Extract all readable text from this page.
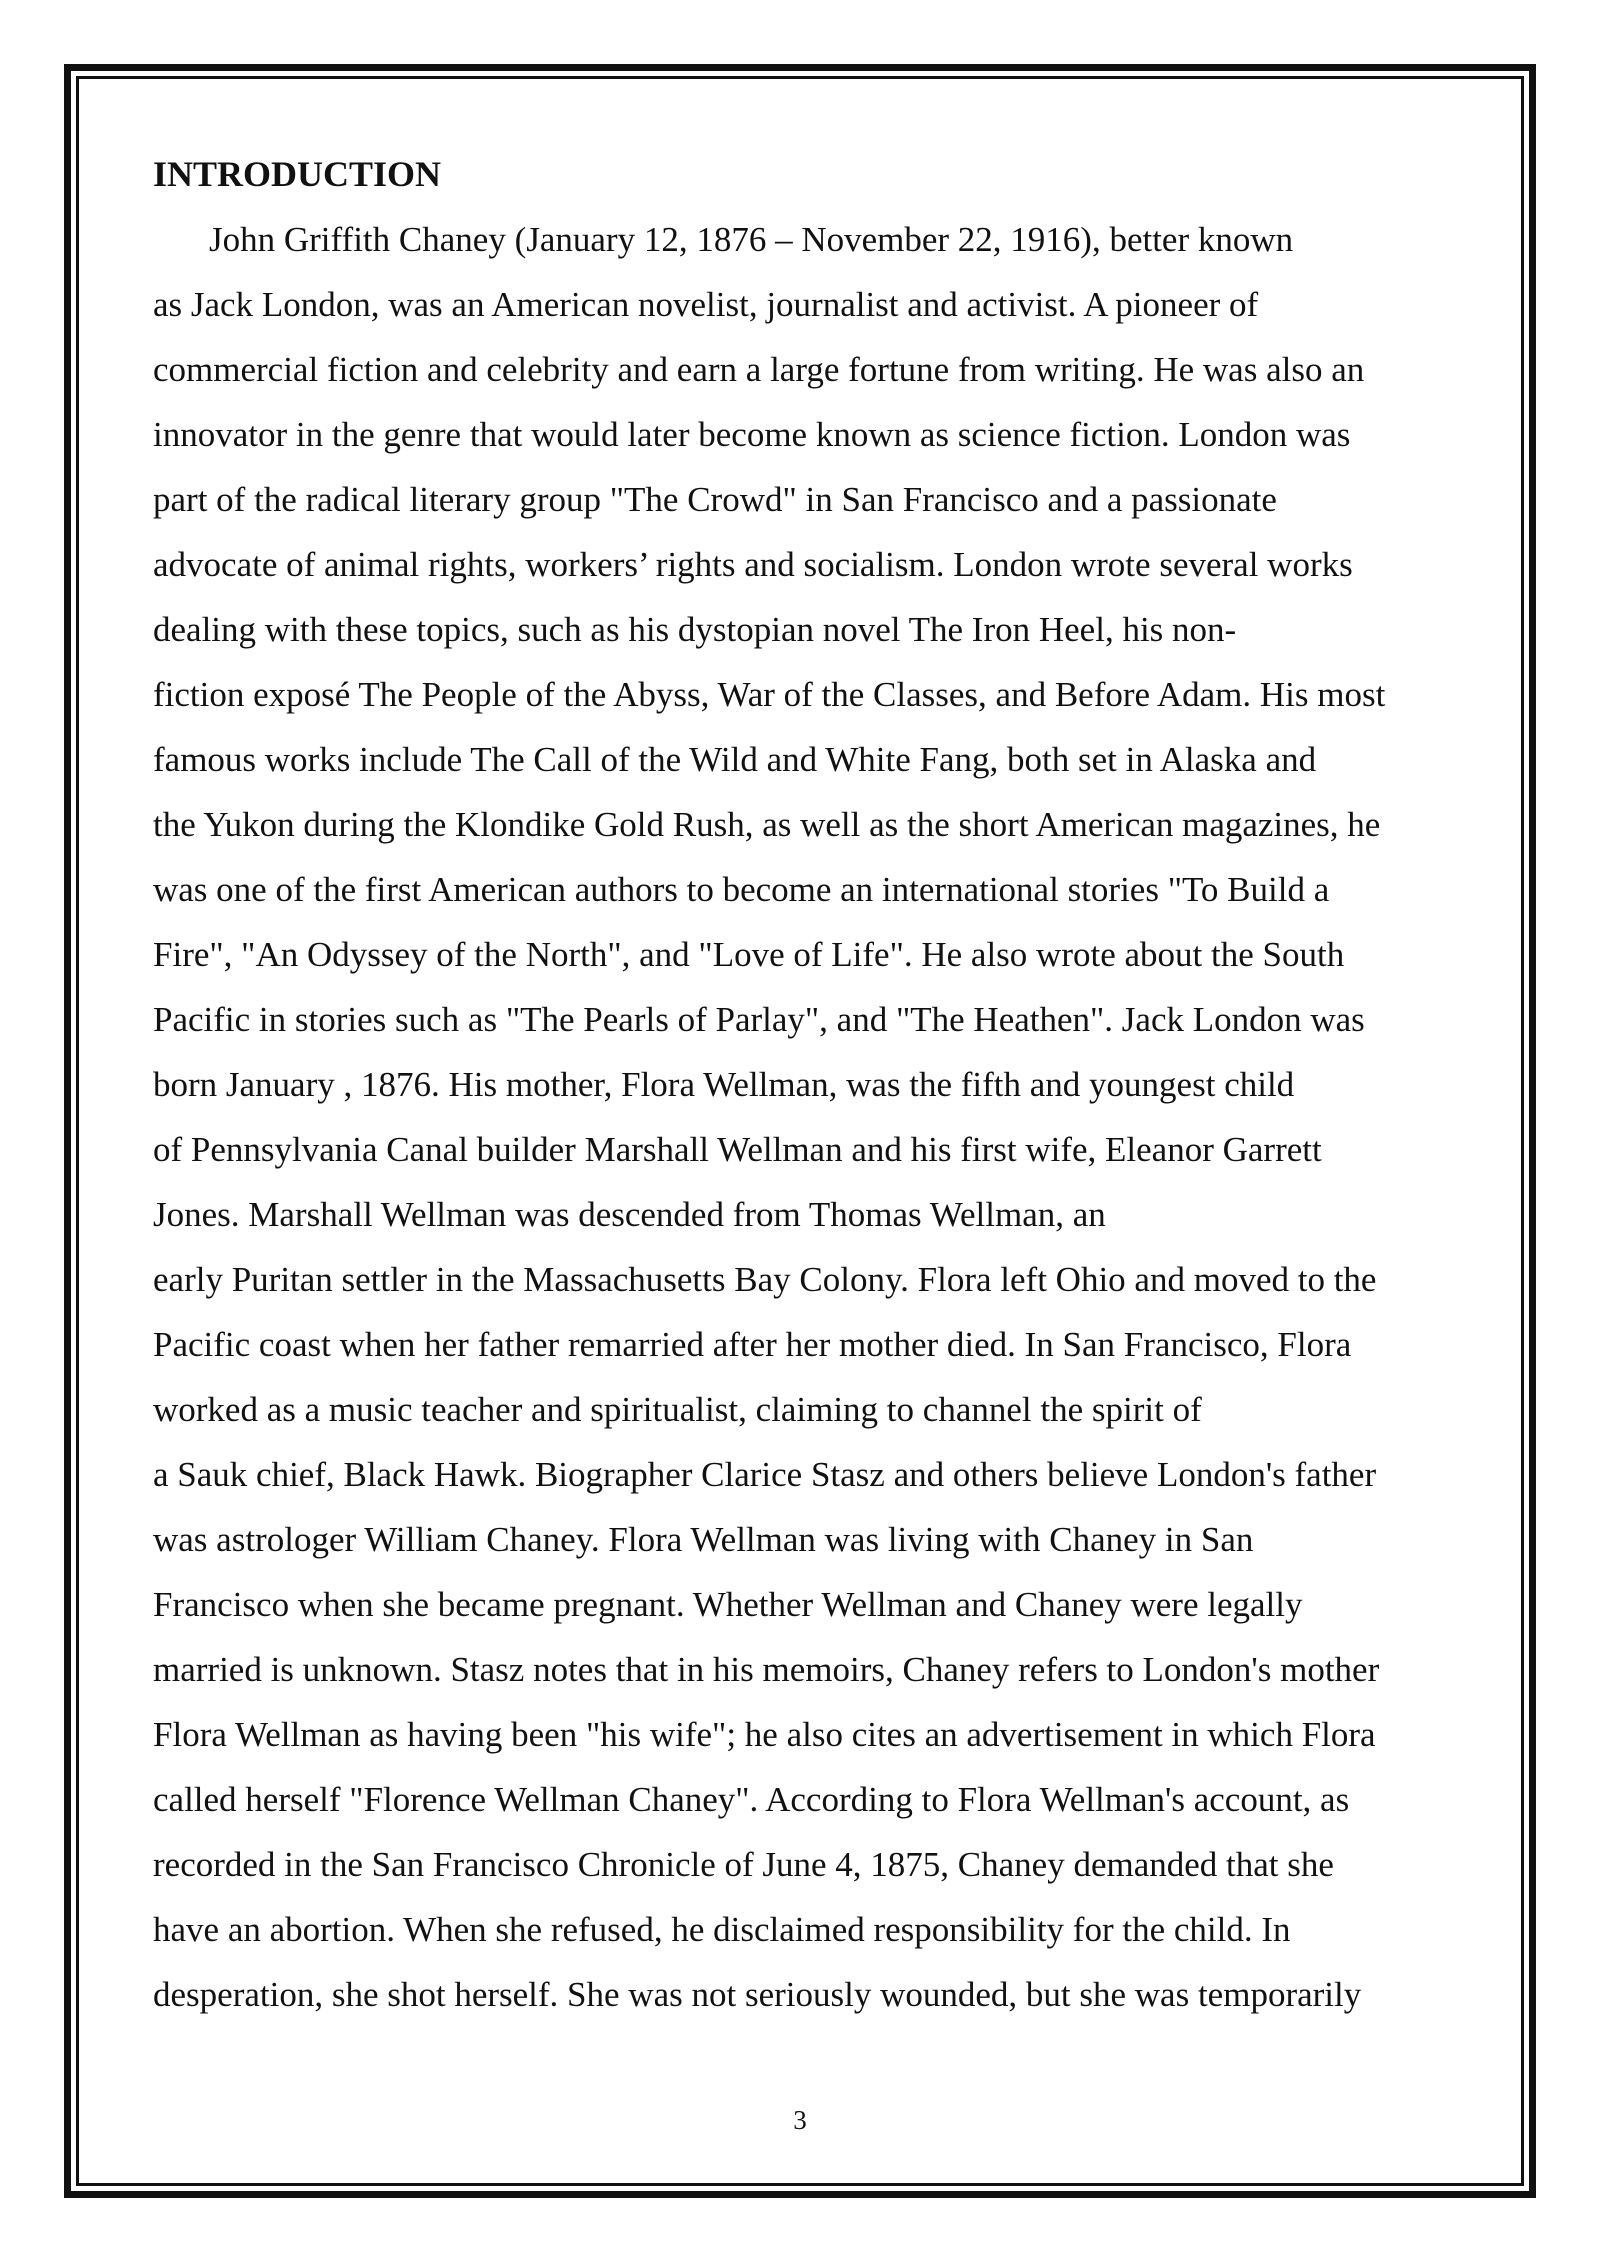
INTRODUCTION
John Griffith Chaney (January 12, 1876 – November 22, 1916), better known
as Jack London, was an American novelist, journalist and activist. A pioneer of
commercial fiction and celebrity and earn a large fortune from writing. He was also an
innovator in the genre that would later become known as science fiction. London was
part of the radical literary group "The Crowd" in San Francisco and a passionate
advocate of animal rights, workers’ rights and socialism. London wrote several works
dealing with these topics, such as his dystopian novel The Iron Heel, his non-
fiction exposé The People of the Abyss, War of the Classes, and Before Adam. His most
famous works include The Call of the Wild and White Fang, both set in Alaska and
the Yukon during the Klondike Gold Rush, as well as the short American magazines, he
was one of the first American authors to become an international stories "To Build a
Fire", "An Odyssey of the North", and "Love of Life". He also wrote about the South
Pacific in stories such as "The Pearls of Parlay", and "The Heathen". Jack London was
born January , 1876. His mother, Flora Wellman, was the fifth and youngest child
of Pennsylvania Canal builder Marshall Wellman and his first wife, Eleanor Garrett
Jones. Marshall Wellman was descended from Thomas Wellman, an
early Puritan settler in the Massachusetts Bay Colony. Flora left Ohio and moved to the
Pacific coast when her father remarried after her mother died. In San Francisco, Flora
worked as a music teacher and spiritualist, claiming to channel the spirit of
a Sauk chief, Black Hawk. Biographer Clarice Stasz and others believe London's father
was astrologer William Chaney. Flora Wellman was living with Chaney in San
Francisco when she became pregnant. Whether Wellman and Chaney were legally
married is unknown. Stasz notes that in his memoirs, Chaney refers to London's mother
Flora Wellman as having been "his wife"; he also cites an advertisement in which Flora
called herself "Florence Wellman Chaney". According to Flora Wellman's account, as
recorded in the San Francisco Chronicle of June 4, 1875, Chaney demanded that she
have an abortion. When she refused, he disclaimed responsibility for the child. In
desperation, she shot herself. She was not seriously wounded, but she was temporarily
3
